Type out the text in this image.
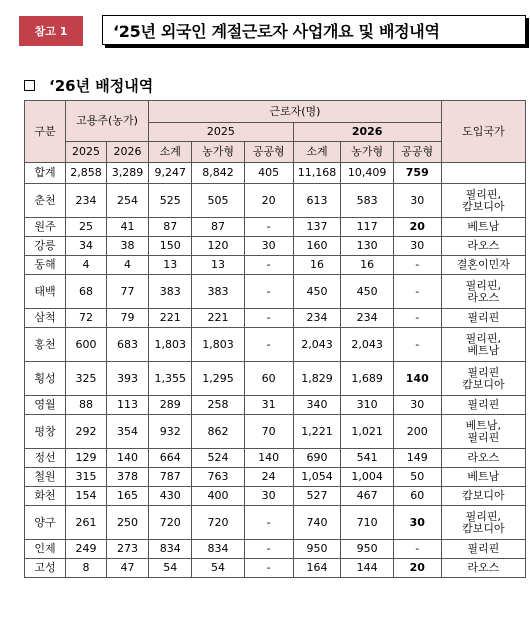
참고 1	‘25년 외국인 계절근로자 사업개요 및 배정내역
‘26년 배정내역
구분	고용주(농가)		근로자(명)						도입국가
			2025			2026			
	2025	2026	소계	농가형	공공형	소계	농가형	공공형	
합계	2,858	3,289	9,247	8,842	405	11,168	10,409	759	
춘천	234	254	525	505	20	613	583	30	필리핀,
캄보디아
원주	25	41	87	87	-	137	117	20	베트남
강릉	34	38	150	120	30	160	130	30	라오스
동해	4	4	13	13	-	16	16	-	결혼이민자
태백	68	77	383	383	-	450	450	-	필리핀,
라오스
삼척	72	79	221	221	-	234	234	-	필리핀
홍천	600	683	1,803	1,803	-	2,043	2,043	-	필리핀,
베트남
횡성	325	393	1,355	1,295	60	1,829	1,689	140	필리핀
캄보디아
영월	88	113	289	258	31	340	310	30	필리핀
평창	292	354	932	862	70	1,221	1,021	200	베트남,
필리핀
정선	129	140	664	524	140	690	541	149	라오스
철원	315	378	787	763	24	1,054	1,004	50	베트남
화천	154	165	430	400	30	527	467	60	캄보디아
양구	261	250	720	720	-	740	710	30	필리핀,
캄보디아
인제	249	273	834	834	-	950	950	-	필리핀
고성	8	47	54	54	-	164	144	20	라오스
